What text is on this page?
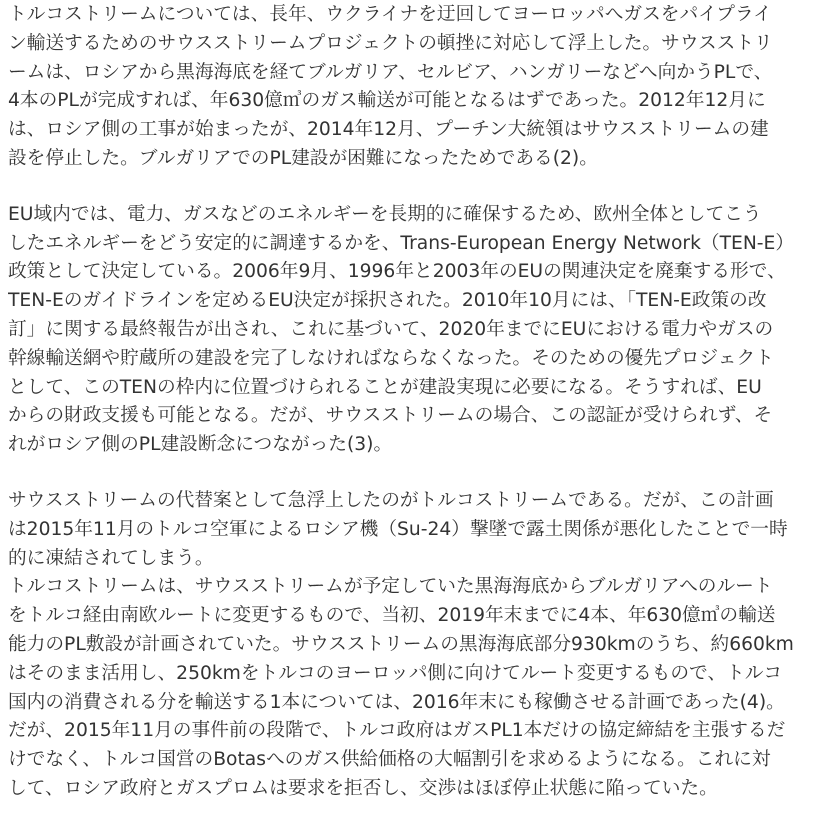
トルコストリームについては、長年、ウクライナを迂回してヨーロッパへガスをパイプライ
ン輸送するためのサウスストリームプロジェクトの頓挫に対応して浮上した。サウスストリ
ームは、ロシアから黒海海底を経てブルガリア、セルビア、ハンガリーなどへ向かうPLで、
4本のPLが完成すれば、年630億㎥のガス輸送が可能となるはずであった。2012年12月に
は、ロシア側の工事が始まったが、2014年12月、プーチン大統領はサウスストリームの建
設を停止した。ブルガリアでのPL建設が困難になったためである(2)。

EU域内では、電力、ガスなどのエネルギーを長期的に確保するため、欧州全体としてこう
したエネルギーをどう安定的に調達するかを、Trans-European Energy Network（TEN-E）
政策として決定している。2006年9月、1996年と2003年のEUの関連決定を廃棄する形で、
TEN-Eのガイドラインを定めるEU決定が採択された。2010年10月には、「TEN-E政策の改
訂」に関する最終報告が出され、これに基づいて、2020年までにEUにおける電力やガスの
幹線輸送網や貯蔵所の建設を完了しなければならなくなった。そのための優先プロジェクト
として、このTENの枠内に位置づけられることが建設実現に必要になる。そうすれば、EU
からの財政支援も可能となる。だが、サウスストリームの場合、この認証が受けられず、そ
れがロシア側のPL建設断念につながった(3)。

サウスストリームの代替案として急浮上したのがトルコストリームである。だが、この計画
は2015年11月のトルコ空軍によるロシア機（Su-24）撃墜で露土関係が悪化したことで一時
的に凍結されてしまう。
トルコストリームは、サウスストリームが予定していた黒海海底からブルガリアへのルート
をトルコ経由南欧ルートに変更するもので、当初、2019年末までに4本、年630億㎥の輸送
能力のPL敷設が計画されていた。サウスストリームの黒海海底部分930kmのうち、約660km
はそのまま活用し、250kmをトルコのヨーロッパ側に向けてルート変更するもので、トルコ
国内の消費される分を輸送する1本については、2016年末にも稼働させる計画であった(4)。
だが、2015年11月の事件前の段階で、トルコ政府はガスPL1本だけの協定締結を主張するだ
けでなく、トルコ国営のBotasへのガス供給価格の大幅割引を求めるようになる。これに対
して、ロシア政府とガスプロムは要求を拒否し、交渉はほぼ停止状態に陥っていた。
